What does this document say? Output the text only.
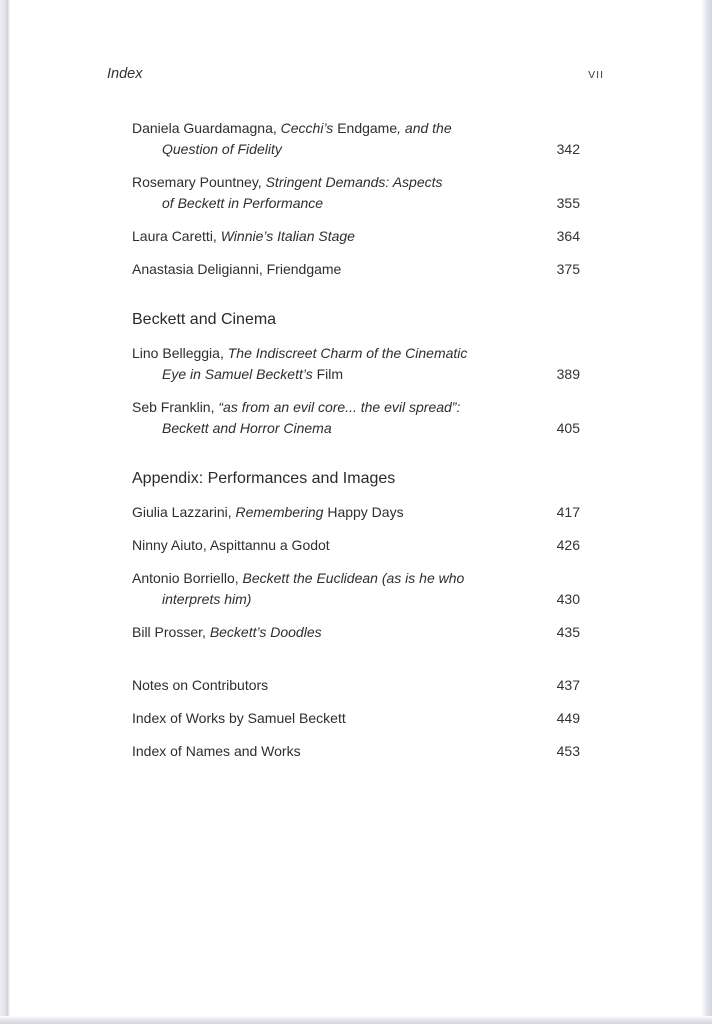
Index	VII
Daniela Guardamagna, Cecchi’s Endgame, and the
Question of Fidelity	342
Rosemary Pountney, Stringent Demands: Aspects
of Beckett in Performance	355
Laura Caretti, Winnie’s Italian Stage	364
Anastasia Deligianni, Friendgame	375
Beckett and Cinema
Lino Belleggia, The Indiscreet Charm of the Cinematic
Eye in Samuel Beckett’s Film	389
Seb Franklin, “as from an evil core... the evil spread”:
Beckett and Horror Cinema	405
Appendix: Performances and Images
Giulia Lazzarini, Remembering Happy Days	417
Ninny Aiuto, Aspittannu a Godot	426
Antonio Borriello, Beckett the Euclidean (as is he who
interprets him)	430
Bill Prosser, Beckett’s Doodles	435
Notes on Contributors	437
Index of Works by Samuel Beckett	449
Index of Names and Works	453
